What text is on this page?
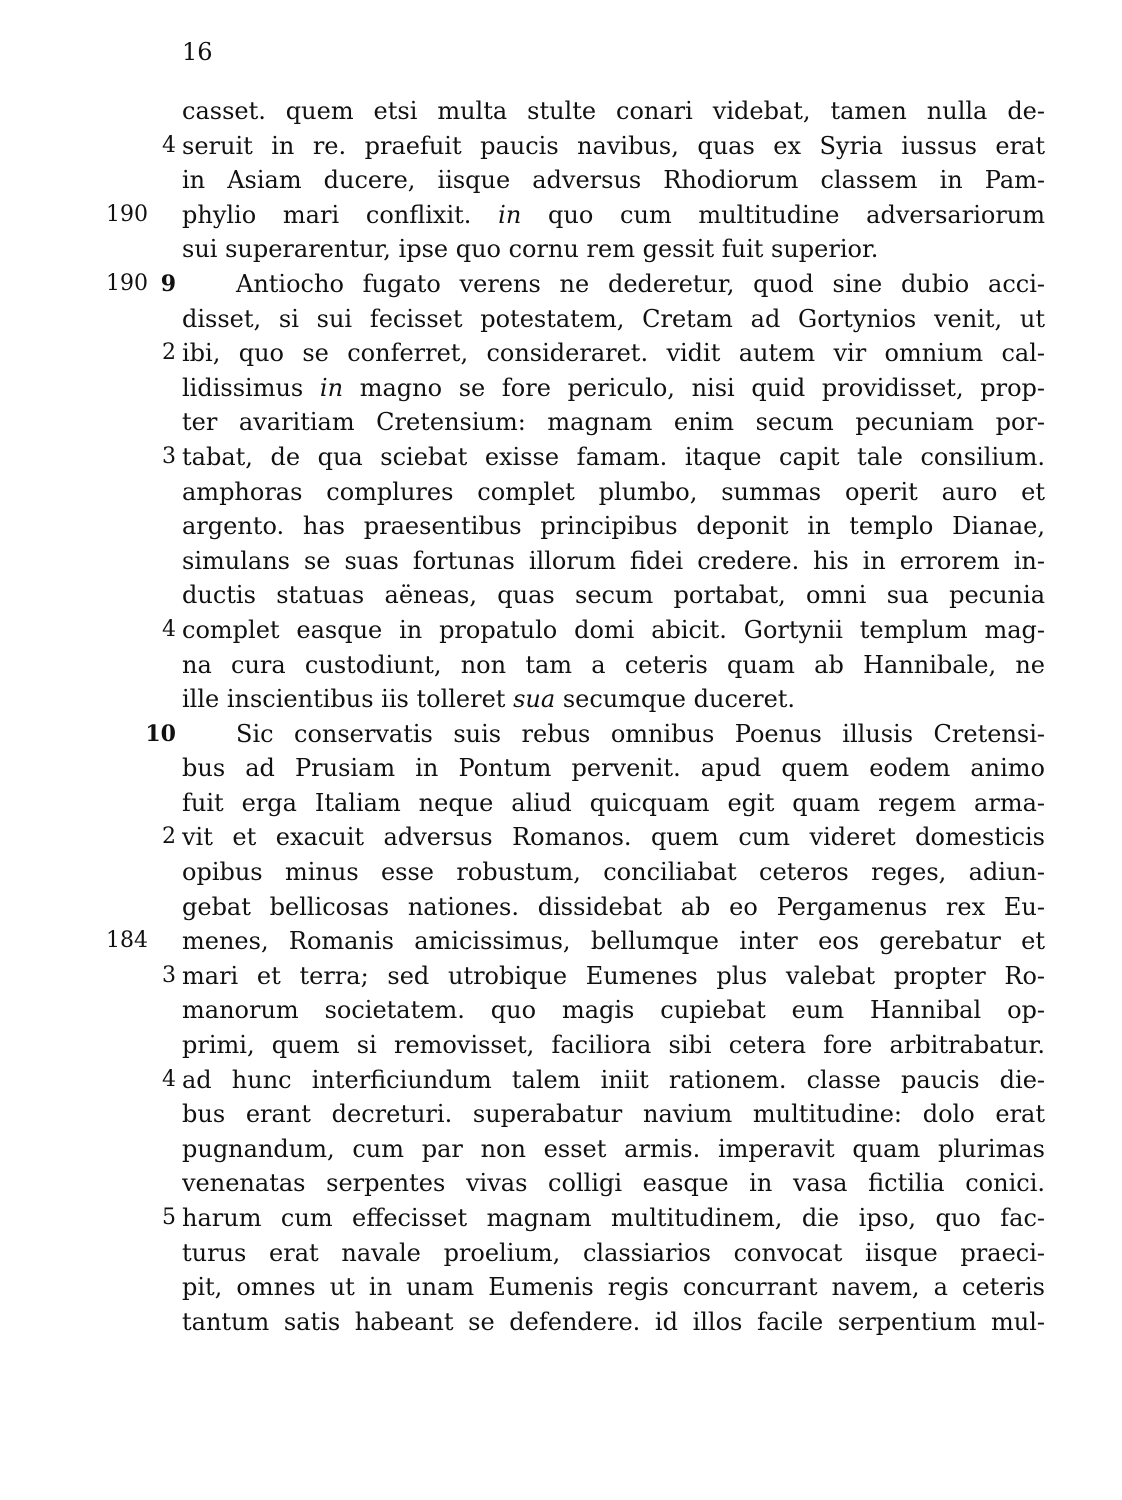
16
casset. quem etsi multa stulte conari videbat, tamen nulla de-
4 seruit in re. praefuit paucis navibus, quas ex Syria iussus erat
in Asiam ducere, iisque adversus Rhodiorum classem in Pam-
190 phylio mari conflixit. in quo cum multitudine adversariorum
sui superarentur, ipse quo cornu rem gessit fuit superior.
190 9	Antiocho fugato verens ne dederetur, quod sine dubio acci-
disset, si sui fecisset potestatem, Cretam ad Gortynios venit, ut
2 ibi, quo se conferret, consideraret. vidit autem vir omnium cal-
lidissimus in magno se fore periculo, nisi quid providisset, prop-
ter avaritiam Cretensium: magnam enim secum pecuniam por-
3 tabat, de qua sciebat exisse famam. itaque capit tale consilium.
amphoras complures complet plumbo, summas operit auro et
argento. has praesentibus principibus deponit in templo Dianae,
simulans se suas fortunas illorum fidei credere. his in errorem in-
ductis statuas aëneas, quas secum portabat, omni sua pecunia
4 complet easque in propatulo domi abicit. Gortynii templum mag-
na cura custodiunt, non tam a ceteris quam ab Hannibale, ne
ille inscientibus iis tolleret sua secumque duceret.
10	Sic conservatis suis rebus omnibus Poenus illusis Cretensi-
bus ad Prusiam in Pontum pervenit. apud quem eodem animo
fuit erga Italiam neque aliud quicquam egit quam regem arma-
2 vit et exacuit adversus Romanos. quem cum videret domesticis
opibus minus esse robustum, conciliabat ceteros reges, adiun-
gebat bellicosas nationes. dissidebat ab eo Pergamenus rex Eu-
184 menes, Romanis amicissimus, bellumque inter eos gerebatur et
3 mari et terra; sed utrobique Eumenes plus valebat propter Ro-
manorum societatem. quo magis cupiebat eum Hannibal op-
primi, quem si removisset, faciliora sibi cetera fore arbitrabatur.
4 ad hunc interficiundum talem iniit rationem. classe paucis die-
bus erant decreturi. superabatur navium multitudine: dolo erat
pugnandum, cum par non esset armis. imperavit quam plurimas
venenatas serpentes vivas colligi easque in vasa fictilia conici.
5 harum cum effecisset magnam multitudinem, die ipso, quo fac-
turus erat navale proelium, classiarios convocat iisque praeci-
pit, omnes ut in unam Eumenis regis concurrant navem, a ceteris
tantum satis habeant se defendere. id illos facile serpentium mul-
